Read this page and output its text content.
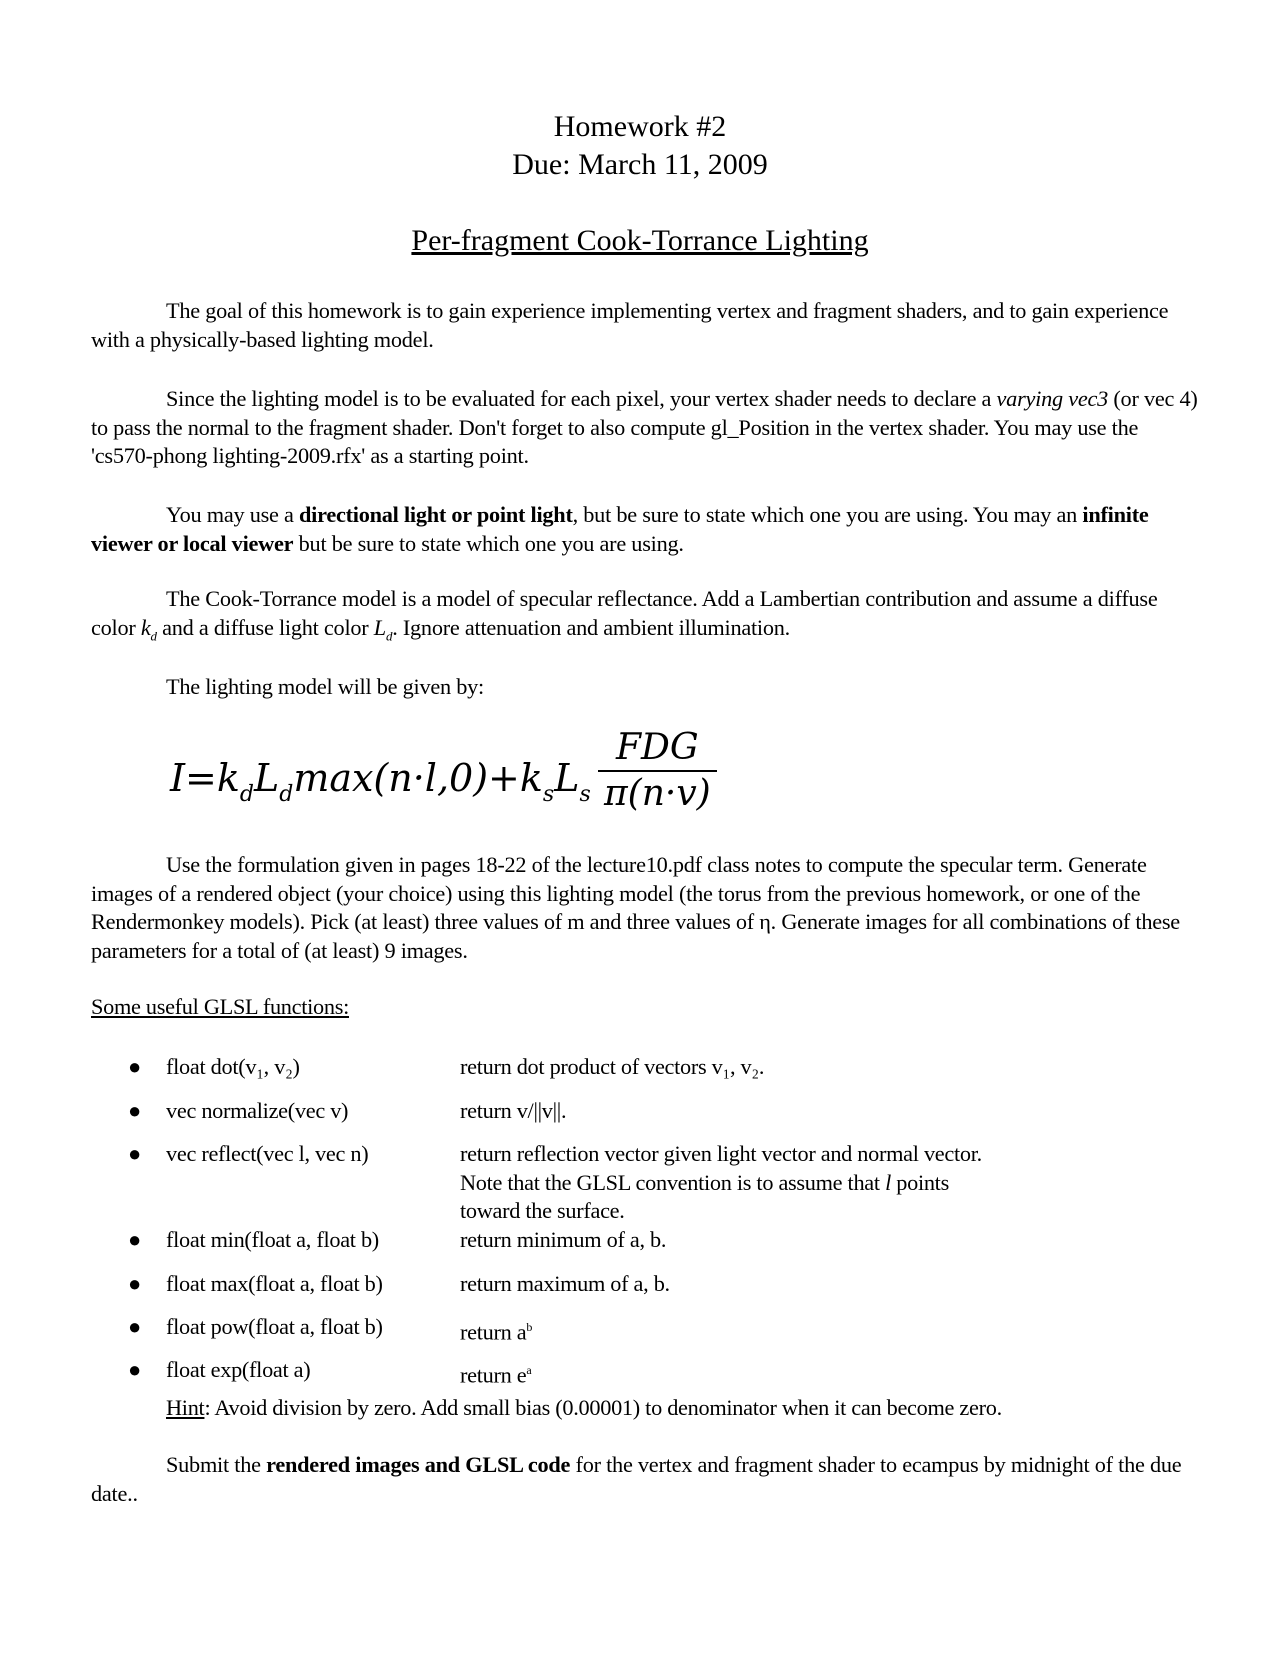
Homework #2
Due: March 11, 2009
Per-fragment Cook-Torrance Lighting
The goal of this homework is to gain experience implementing vertex and fragment shaders, and to gain experience with a physically-based lighting model.
Since the lighting model is to be evaluated for each pixel, your vertex shader needs to declare a varying vec3 (or vec 4) to pass the normal to the fragment shader. Don't forget to also compute gl_Position in the vertex shader. You may use the 'cs570-phong lighting-2009.rfx' as a starting point.
You may use a directional light or point light, but be sure to state which one you are using. You may an infinite viewer or local viewer but be sure to state which one you are using.
The Cook-Torrance model is a model of specular reflectance. Add a Lambertian contribution and assume a diffuse color $k_d$ and a diffuse light color $L_d$. Ignore attenuation and ambient illumination.
The lighting model will be given by:
$I=k_dL_d\max(n\cdot l,0)+k_sL_s$
FDG
π(n·v)
Use the formulation given in pages 18-22 of the lecture10.pdf class notes to compute the specular term. Generate images of a rendered object (your choice) using this lighting model (the torus from the previous homework, or one of the Rendermonkey models). Pick (at least) three values of m and three values of η. Generate images for all combinations of these parameters for a total of (at least) 9 images.
Some useful GLSL functions:
● float dot(v₁, v₂)	return dot product of vectors v₁, v₂.
● vec normalize(vec v)	return v/||v||.
● vec reflect(vec l, vec n)	return reflection vector given light vector and normal vector. Note that the GLSL convention is to assume that l points toward the surface.
● float min(float a, float b)	return minimum of a, b.
● float max(float a, float b)	return maximum of a, b.
● float pow(float a, float b)	return $a^b$
● float exp(float a)	return $e^a$
Hint: Avoid division by zero. Add small bias (0.00001) to denominator when it can become zero.
Submit the rendered images and GLSL code for the vertex and fragment shader to ecampus by midnight of the due date..
